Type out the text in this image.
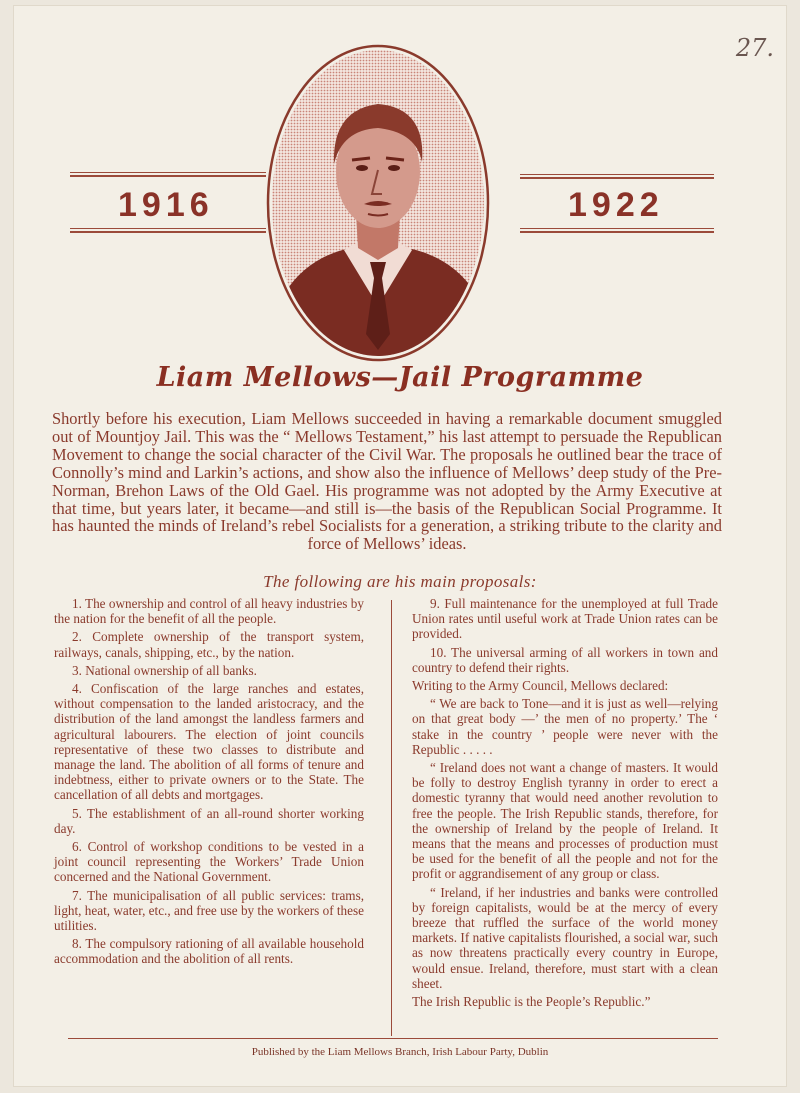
27.
1916	1922
Liam Mellows—Jail Programme
Shortly before his execution, Liam Mellows succeeded in having a remarkable document smuggled out of Mountjoy Jail. This was the “ Mellows Testament,” his last attempt to persuade the Republican Movement to change the social character of the Civil War. The proposals he outlined bear the trace of Connolly’s mind and Larkin’s actions, and show also the influence of Mellows’ deep study of the Pre-Norman, Brehon Laws of the Old Gael. His programme was not adopted by the Army Executive at that time, but years later, it became—and still is—the basis of the Republican Social Programme. It has haunted the minds of Ireland’s rebel Socialists for a generation, a striking tribute to the clarity and force of Mellows’ ideas.
The following are his main proposals:

1. The ownership and control of all heavy industries by the nation for the benefit of all the people.

2. Complete ownership of the transport system, railways, canals, shipping, etc., by the nation.

3. National ownership of all banks.

4. Confiscation of the large ranches and estates, without compensation to the landed aristocracy, and the distribution of the land amongst the landless farmers and agricultural labourers. The election of joint councils representative of these two classes to distribute and manage the land. The abolition of all forms of tenure and indebtness, either to private owners or to the State. The cancellation of all debts and mortgages.

5. The establishment of an all-round shorter working day.

6. Control of workshop conditions to be vested in a joint council representing the Workers’ Trade Union concerned and the National Government.

7. The municipalisation of all public services: trams, light, heat, water, etc., and free use by the workers of these utilities.

8. The compulsory rationing of all available household accommodation and the abolition of all rents.

9. Full maintenance for the unemployed at full Trade Union rates until useful work at Trade Union rates can be provided.

10. The universal arming of all workers in town and country to defend their rights.

Writing to the Army Council, Mellows declared:

“ We are back to Tone—and it is just as well—relying on that great body —’ the men of no property.’ The ‘ stake in the country ’ people were never with the Republic . . . . .

“ Ireland does not want a change of masters. It would be folly to destroy English tyranny in order to erect a domestic tyranny that would need another revolution to free the people. The Irish Republic stands, therefore, for the ownership of Ireland by the people of Ireland. It means that the means and processes of production must be used for the benefit of all the people and not for the profit or aggrandisement of any group or class.

“ Ireland, if her industries and banks were controlled by foreign capitalists, would be at the mercy of every breeze that ruffled the surface of the world money markets. If native capitalists flourished, a social war, such as now threatens practically every country in Europe, would ensue. Ireland, therefore, must start with a clean sheet.

The Irish Republic is the People’s Republic.”

Published by the Liam Mellows Branch, Irish Labour Party, Dublin
